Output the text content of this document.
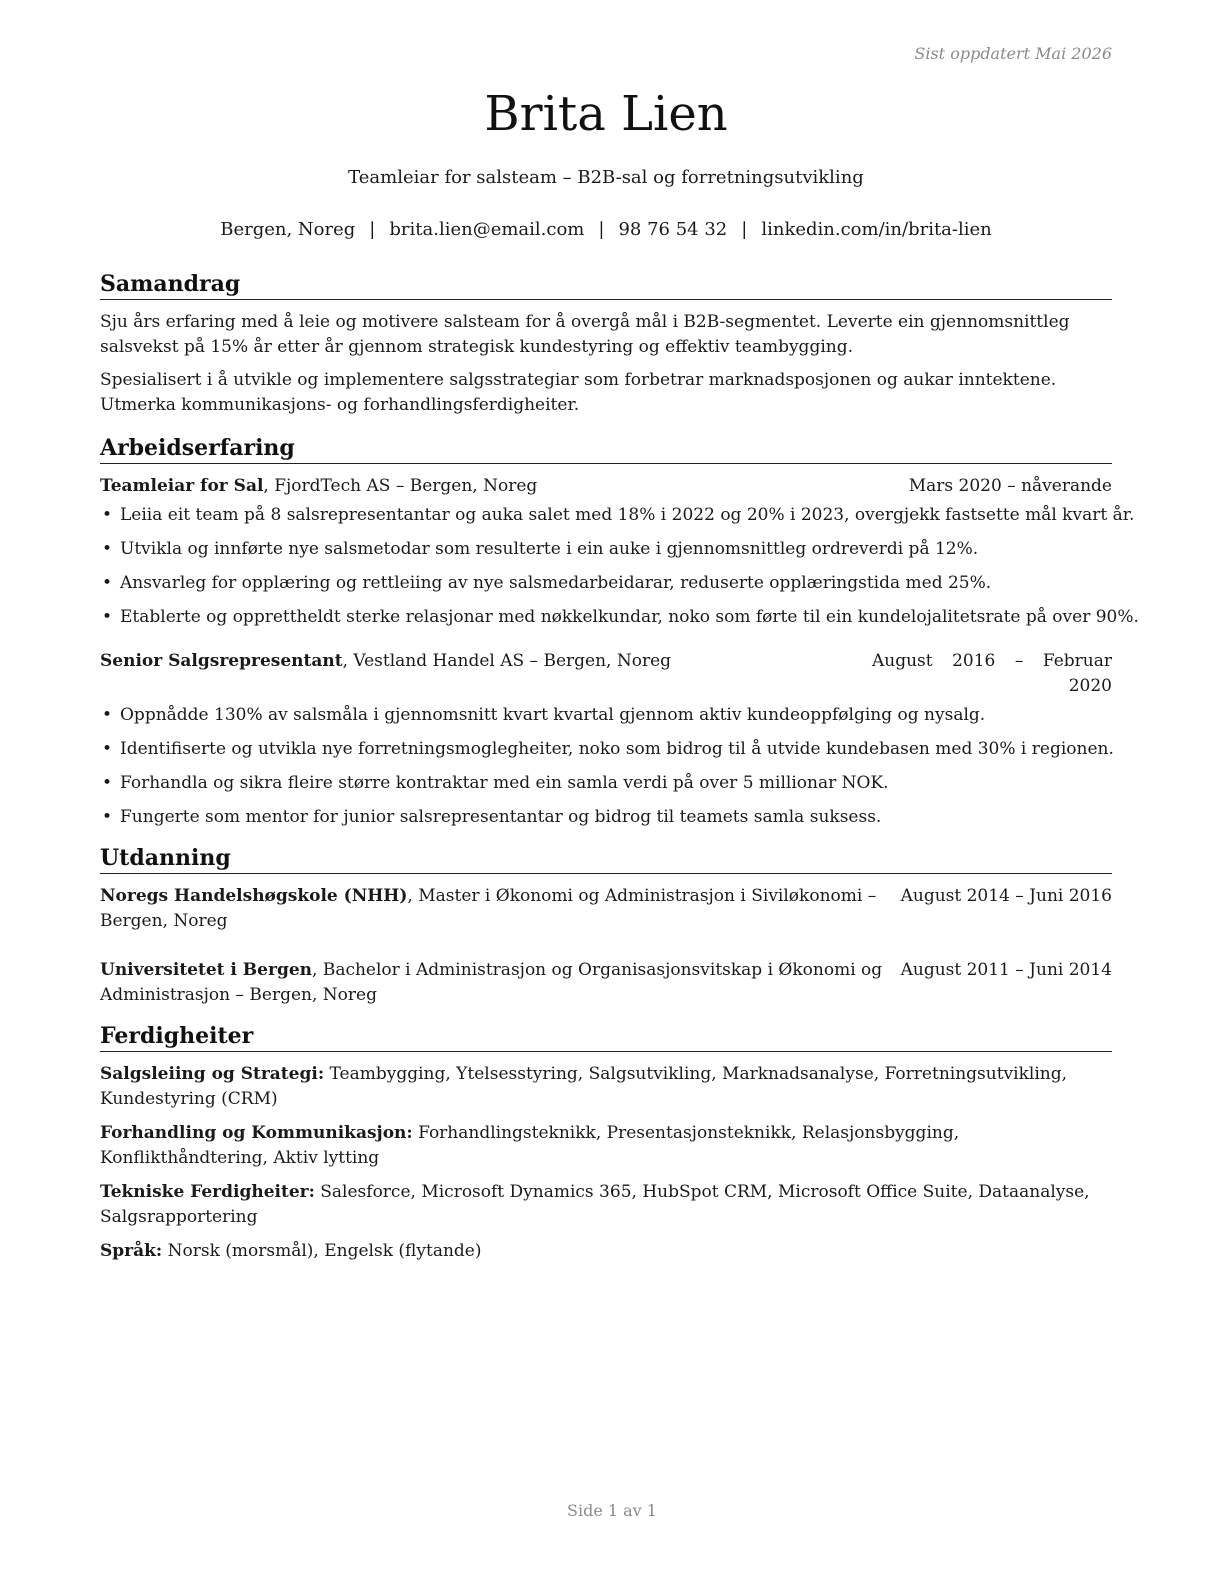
Sist oppdatert Mai 2026
Brita Lien
Teamleiar for salsteam – B2B-sal og forretningsutvikling
Bergen, Noreg | brita.lien@email.com | 98 76 54 32 | linkedin.com/in/brita-lien
Samandrag

Sju års erfaring med å leie og motivere salsteam for å overgå mål i B2B-segmentet. Leverte ein gjennomsnittleg salsvekst på 15% år etter år gjennom strategisk kundestyring og effektiv teambygging.

Spesialisert i å utvikle og implementere salgsstrategiar som forbetrar marknadsposjonen og aukar inntektene. Utmerka kommunikasjons- og forhandlingsferdigheiter.

Arbeidserfaring
Teamleiar for Sal, FjordTech AS – Bergen, Noreg	Mars 2020 – nåverande
• Leiia eit team på 8 salsrepresentantar og auka salet med 18% i 2022 og 20% i 2023, overgjekk fastsette mål kvart år.
• Utvikla og innførte nye salsmetodar som resulterte i ein auke i gjennomsnittleg ordreverdi på 12%.
• Ansvarleg for opplæring og rettleiing av nye salsmedarbeidarar, reduserte opplæringstida med 25%.
• Etablerte og opprettheldt sterke relasjonar med nøkkelkundar, noko som førte til ein kundelojalitetsrate på over 90%.
Senior Salgsrepresentant, Vestland Handel AS – Bergen, Noreg	August 2016 – Februar 2020
• Oppnådde 130% av salsmåla i gjennomsnitt kvart kvartal gjennom aktiv kundeoppfølging og nysalg.
• Identifiserte og utvikla nye forretningsmoglegheiter, noko som bidrog til å utvide kundebasen med 30% i regionen.
• Forhandla og sikra fleire større kontraktar med ein samla verdi på over 5 millionar NOK.
• Fungerte som mentor for junior salsrepresentantar og bidrog til teamets samla suksess.
Utdanning
Noregs Handelshøgskole (NHH), Master i Økonomi og Administrasjon i Siviløkonomi – Bergen, Noreg
August 2014 – Juni 2016
Universitetet i Bergen, Bachelor i Administrasjon og Organisasjonsvitskap i Økonomi og Administrasjon – Bergen, Noreg
August 2011 – Juni 2014
Ferdigheiter
Salgsleiing og Strategi: Teambygging, Ytelsesstyring, Salgsutvikling, Marknadsanalyse, Forretningsutvikling, Kundestyring (CRM)
Forhandling og Kommunikasjon: Forhandlingsteknikk, Presentasjonsteknikk, Relasjonsbygging, Konflikthåndtering, Aktiv lytting
Tekniske Ferdigheiter: Salesforce, Microsoft Dynamics 365, HubSpot CRM, Microsoft Office Suite, Dataanalyse, Salgsrapportering
Språk: Norsk (morsmål), Engelsk (flytande)
Side 1 av 1
